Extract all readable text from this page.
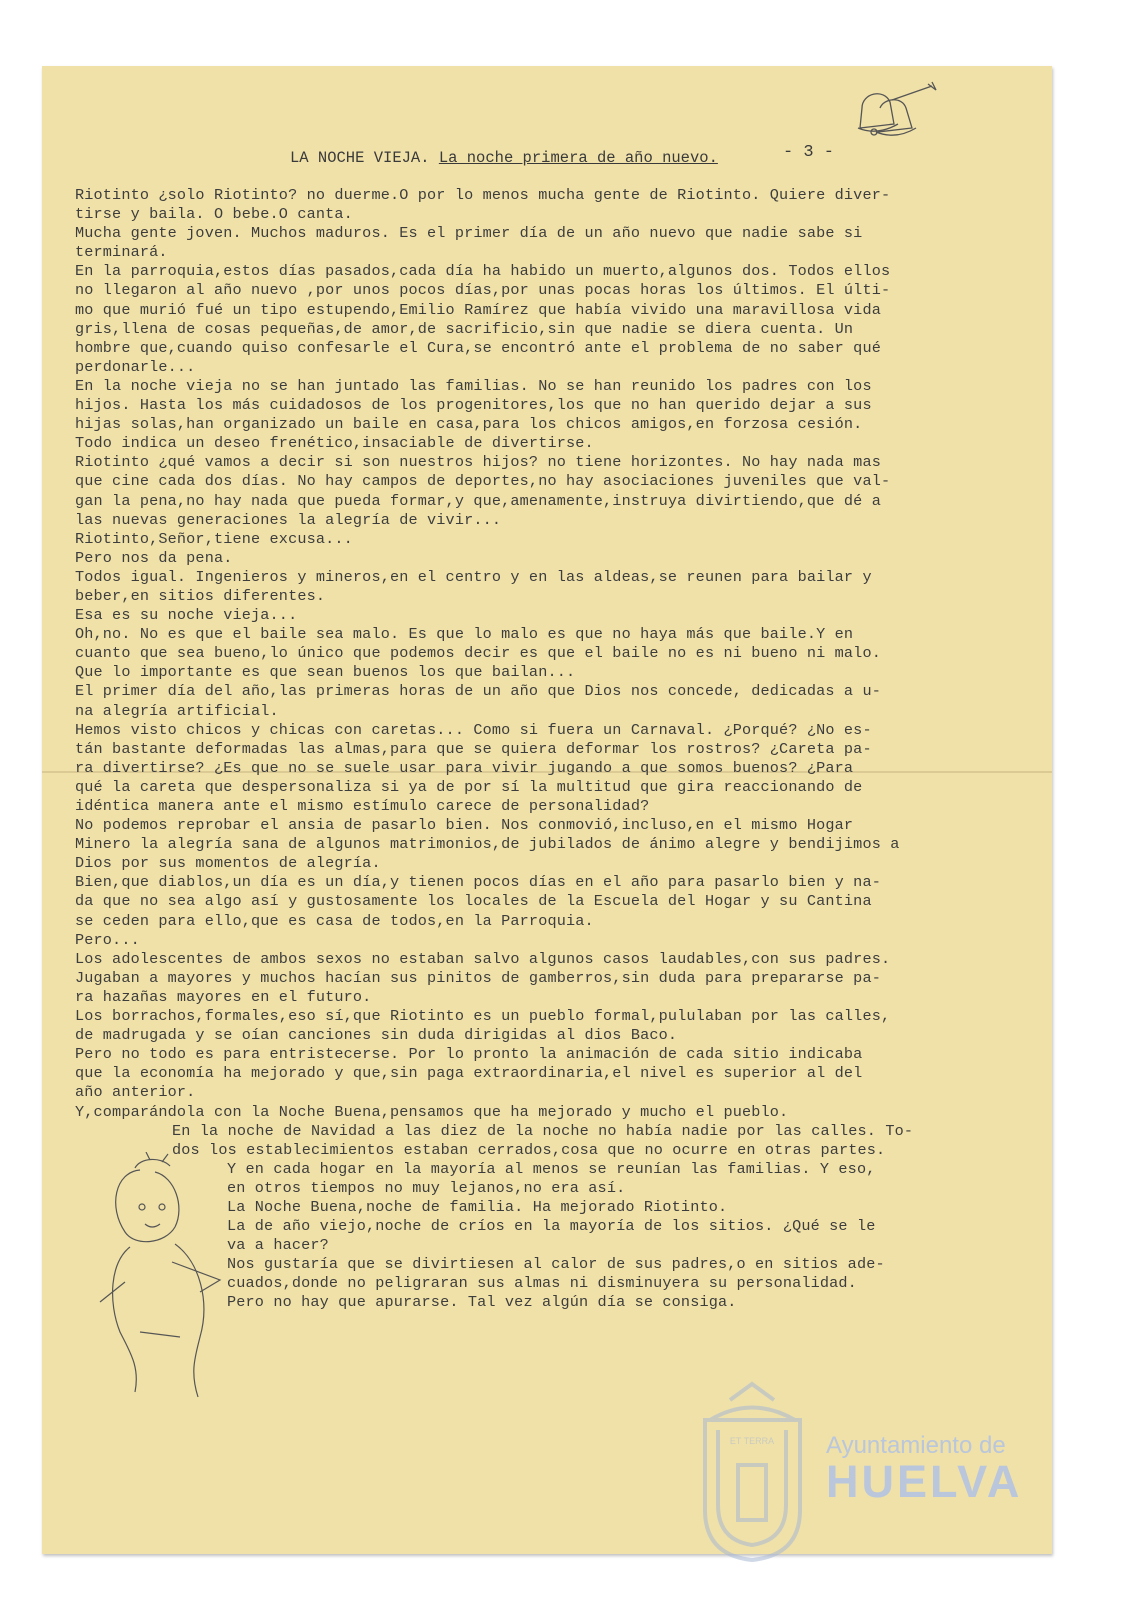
LA NOCHE VIEJA. La noche primera de año nuevo.	- 3 -
Riotinto ¿solo Riotinto? no duerme.O por lo menos mucha gente de Riotinto. Quiere diver-
tirse y baila. O bebe.O canta.
Mucha gente joven. Muchos maduros. Es el primer día de un año nuevo que nadie sabe si
terminará.
En la parroquia,estos días pasados,cada día ha habido un muerto,algunos dos. Todos ellos
no llegaron al año nuevo ,por unos pocos días,por unas pocas horas los últimos. El últi-
mo que murió fué un tipo estupendo,Emilio Ramírez que había vivido una maravillosa vida
gris,llena de cosas pequeñas,de amor,de sacrificio,sin que nadie se diera cuenta. Un
hombre que,cuando quiso confesarle el Cura,se encontró ante el problema de no saber qué
perdonarle...
En la noche vieja no se han juntado las familias. No se han reunido los padres con los
hijos. Hasta los más cuidadosos de los progenitores,los que no han querido dejar a sus
hijas solas,han organizado un baile en casa,para los chicos amigos,en forzosa cesión.
Todo indica un deseo frenético,insaciable de divertirse.
Riotinto ¿qué vamos a decir si son nuestros hijos? no tiene horizontes. No hay nada mas
que cine cada dos días. No hay campos de deportes,no hay asociaciones juveniles que val-
gan la pena,no hay nada que pueda formar,y que,amenamente,instruya divirtiendo,que dé a
las nuevas generaciones la alegría de vivir...
Riotinto,Señor,tiene excusa...
Pero nos da pena.
Todos igual. Ingenieros y mineros,en el centro y en las aldeas,se reunen para bailar y
beber,en sitios diferentes.
Esa es su noche vieja...
Oh,no. No es que el baile sea malo. Es que lo malo es que no haya más que baile.Y en
cuanto que sea bueno,lo único que podemos decir es que el baile no es ni bueno ni malo.
Que lo importante es que sean buenos los que bailan...
El primer día del año,las primeras horas de un año que Dios nos concede, dedicadas a u-
na alegría artificial.
Hemos visto chicos y chicas con caretas... Como si fuera un Carnaval. ¿Porqué? ¿No es-
tán bastante deformadas las almas,para que se quiera deformar los rostros? ¿Careta pa-
ra divertirse? ¿Es que no se suele usar para vivir jugando a que somos buenos? ¿Para
qué la careta que despersonaliza si ya de por sí la multitud que gira reaccionando de
idéntica manera ante el mismo estímulo carece de personalidad?
No podemos reprobar el ansia de pasarlo bien. Nos conmovió,incluso,en el mismo Hogar
Minero la alegría sana de algunos matrimonios,de jubilados de ánimo alegre y bendijimos a
Dios por sus momentos de alegría.
Bien,que diablos,un día es un día,y tienen pocos días en el año para pasarlo bien y na-
da que no sea algo así y gustosamente los locales de la Escuela del Hogar y su Cantina
se ceden para ello,que es casa de todos,en la Parroquia.
Pero...
Los adolescentes de ambos sexos no estaban salvo algunos casos laudables,con sus padres.
Jugaban a mayores y muchos hacían sus pinitos de gamberros,sin duda para prepararse pa-
ra hazañas mayores en el futuro.
Los borrachos,formales,eso sí,que Riotinto es un pueblo formal,pululaban por las calles,
de madrugada y se oían canciones sin duda dirigidas al dios Baco.
Pero no todo es para entristecerse. Por lo pronto la animación de cada sitio indicaba
que la economía ha mejorado y que,sin paga extraordinaria,el nivel es superior al del
año anterior.
Y,comparándola con la Noche Buena,pensamos que ha mejorado y mucho el pueblo.
En la noche de Navidad a las diez de la noche no había nadie por las calles. To-
dos los establecimientos estaban cerrados,cosa que no ocurre en otras partes.
Y en cada hogar en la mayoría al menos se reunían las familias. Y eso,
en otros tiempos no muy lejanos,no era así.
La Noche Buena,noche de familia. Ha mejorado Riotinto.
La de año viejo,noche de críos en la mayoría de los sitios. ¿Qué se le
va a hacer?
Nos gustaría que se divirtiesen al calor de sus padres,o en sitios ade-
cuados,donde no peligraran sus almas ni disminuyera su personalidad.
Pero no hay que apurarse. Tal vez algún día se consiga.
ET TERRA Ayuntamiento de
HUELVA
